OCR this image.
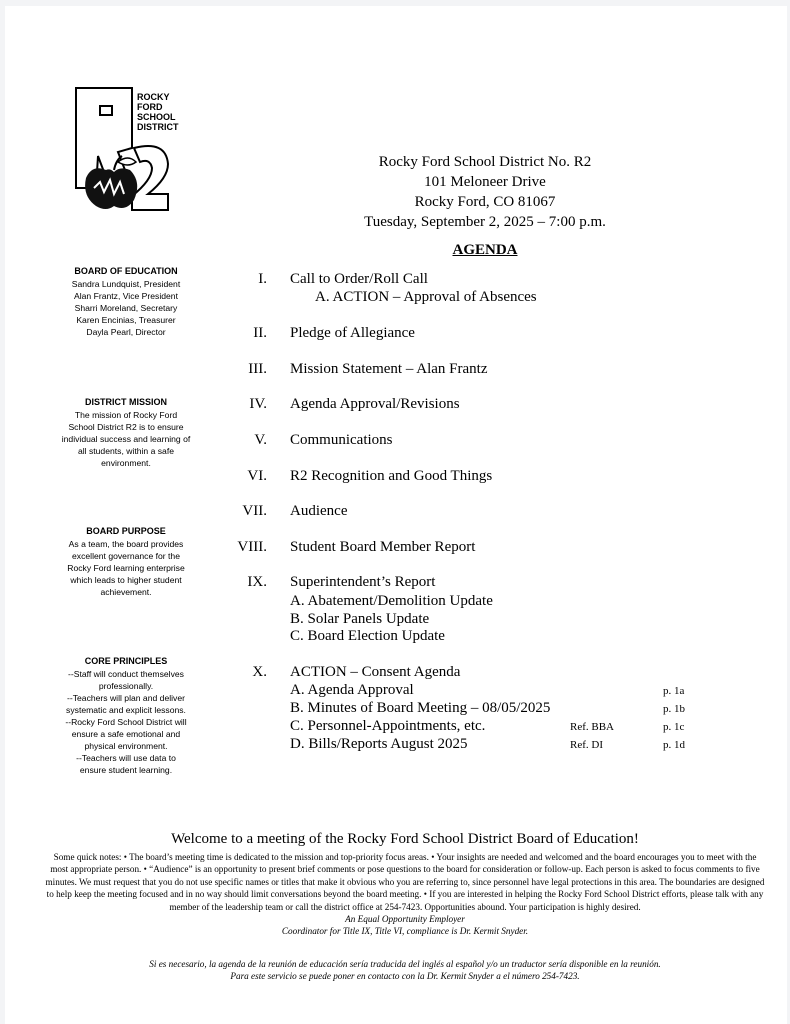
ROCKY
FORD
SCHOOL
DISTRICT
BOARD OF EDUCATION
Sandra Lundquist, President
Alan Frantz, Vice President
Sharri Moreland, Secretary
Karen Encinias, Treasurer
Dayla Pearl, Director
DISTRICT MISSION
The mission of Rocky Ford
School District R2 is to ensure
individual success and learning of
all students, within a safe
environment.
BOARD PURPOSE
As a team, the board provides
excellent governance for the
Rocky Ford learning enterprise
which leads to higher student
achievement.
CORE PRINCIPLES
--Staff will conduct themselves
professionally.
--Teachers will plan and deliver
systematic and explicit lessons.
--Rocky Ford School District will
ensure a safe emotional and
physical environment.
--Teachers will use data to
ensure student learning.
Rocky Ford School District No. R2
101 Meloneer Drive
Rocky Ford, CO 81067
Tuesday, September 2, 2025 – 7:00 p.m.
AGENDA
I. Call to Order/Roll Call
A. ACTION – Approval of Absences
II. Pledge of Allegiance
III. Mission Statement – Alan Frantz
IV. Agenda Approval/Revisions
V. Communications
VI. R2 Recognition and Good Things
VII. Audience
VIII. Student Board Member Report
IX. Superintendent’s Report
A. Abatement/Demolition Update
B. Solar Panels Update
C. Board Election Update
X. ACTION – Consent Agenda
A. Agenda Approval	p. 1a
B. Minutes of Board Meeting – 08/05/2025	p. 1b
C. Personnel-Appointments, etc.	Ref. BBA	p. 1c
D. Bills/Reports August 2025	Ref. DI	p. 1d
Welcome to a meeting of the Rocky Ford School District Board of Education!
Some quick notes: • The board’s meeting time is dedicated to the mission and top-priority focus areas. • Your insights are needed and welcomed and the board encourages you to meet with the most appropriate person. • “Audience” is an opportunity to present brief comments or pose questions to the board for consideration or follow-up. Each person is asked to focus comments to five minutes. We must request that you do not use specific names or titles that make it obvious who you are referring to, since personnel have legal protections in this area. The boundaries are designed to help keep the meeting focused and in no way should limit conversations beyond the board meeting. • If you are interested in helping the Rocky Ford School District efforts, please talk with any member of the leadership team or call the district office at 254-7423. Opportunities abound. Your participation is highly desired.
An Equal Opportunity Employer
Coordinator for Title IX, Title VI, compliance is Dr. Kermit Snyder.
Si es necesario, la agenda de la reunión de educación sería traducida del inglés al español y/o un traductor sería disponible en la reunión.
Para este servicio se puede poner en contacto con la Dr. Kermit Snyder a el número 254-7423.
